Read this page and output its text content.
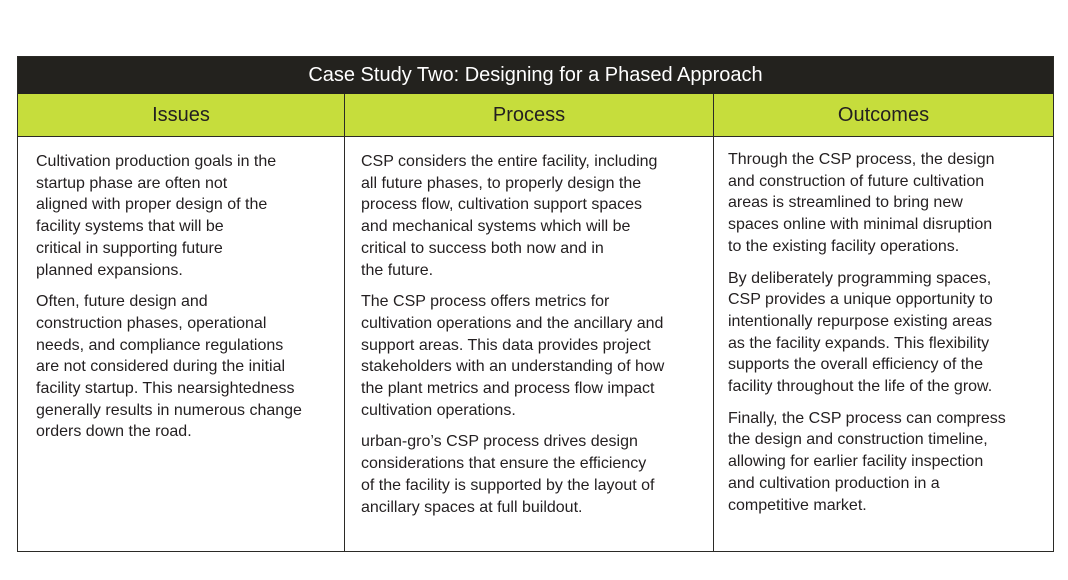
Case Study Two: Designing for a Phased Approach
Issues	Process	Outcomes

Cultivation production goals in the
startup phase are often not
aligned with proper design of the
facility systems that will be
critical in supporting future
planned expansions.

Often, future design and
construction phases, operational
needs, and compliance regulations
are not considered during the initial
facility startup. This nearsightedness
generally results in numerous change
orders down the road.

CSP considers the entire facility, including
all future phases, to properly design the
process flow, cultivation support spaces
and mechanical systems which will be
critical to success both now and in
the future.

The CSP process offers metrics for
cultivation operations and the ancillary and
support areas. This data provides project
stakeholders with an understanding of how
the plant metrics and process flow impact
cultivation operations.

urban-gro’s CSP process drives design
considerations that ensure the efficiency
of the facility is supported by the layout of
ancillary spaces at full buildout.

Through the CSP process, the design
and construction of future cultivation
areas is streamlined to bring new
spaces online with minimal disruption
to the existing facility operations.

By deliberately programming spaces,
CSP provides a unique opportunity to
intentionally repurpose existing areas
as the facility expands. This flexibility
supports the overall efficiency of the
facility throughout the life of the grow.

Finally, the CSP process can compress
the design and construction timeline,
allowing for earlier facility inspection
and cultivation production in a
competitive market.
